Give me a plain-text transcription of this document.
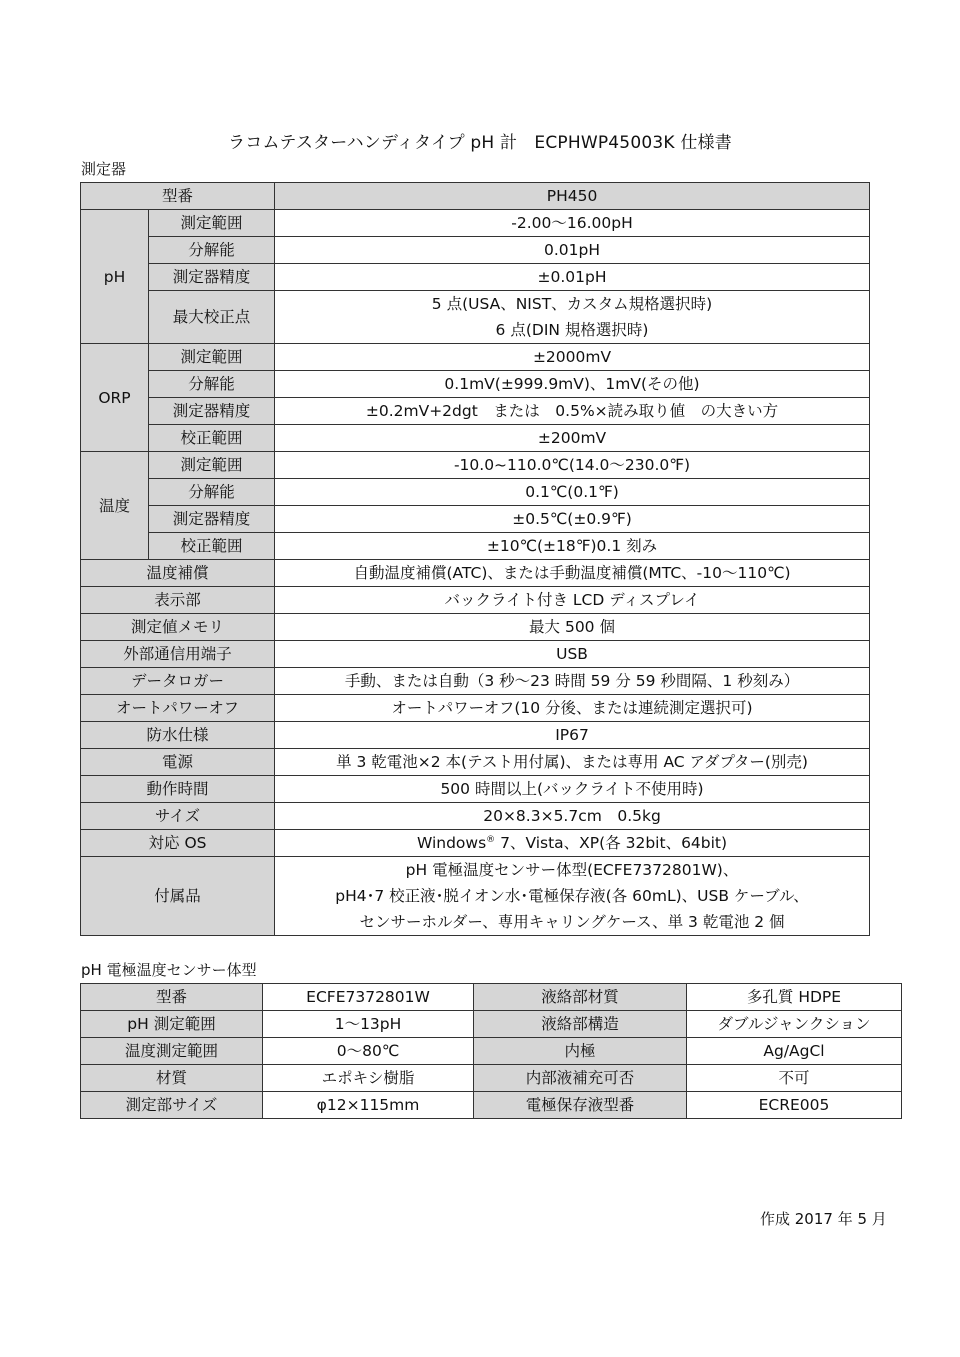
ラコムテスターハンディタイプ pH 計　ECPHWP45003K 仕様書
測定器
型番		PH450
pH	測定範囲	-2.00～16.00pH
	分解能	0.01pH
	測定器精度	±0.01pH
	最大校正点	5 点(USA、NIST、カスタム規格選択時)
6 点(DIN 規格選択時)

ORP	測定範囲	±2000mV
	分解能	0.1mV(±999.9mV)、1mV(その他)
	測定器精度	±0.2mV+2dgt　または　0.5%×読み取り値　の大きい方
	校正範囲	±200mV
温度	測定範囲	-10.0~110.0℃(14.0～230.0℉)
	分解能	0.1℃(0.1℉)
	測定器精度	±0.5℃(±0.9℉)
	校正範囲	±10℃(±18℉)0.1 刻み
温度補償		自動温度補償(ATC)、または手動温度補償(MTC、-10～110℃)
表示部		バックライト付き LCD ディスプレイ
測定値メモリ		最大 500 個
外部通信用端子		USB
データロガー		手動、または自動（3 秒～23 時間 59 分 59 秒間隔、1 秒刻み）
オートパワーオフ		オートパワーオフ(10 分後、または連続測定選択可)
防水仕様		IP67
電源		単 3 乾電池×2 本(テスト用付属)、または専用 AC アダプター(別売)
動作時間		500 時間以上(バックライト不使用時)
サイズ		20×8.3×5.7cm　0.5kg
対応 OS		Windows® 7、Vista、XP(各 32bit、64bit)
付属品		pH 電極温度センサー体型(ECFE7372801W)、
pH4･7 校正液･脱イオン水･電極保存液(各 60mL)、USB ケーブル、
センサーホルダー、専用キャリングケース、単 3 乾電池 2 個
pH 電極温度センサー体型
型番	ECFE7372801W	液絡部材質	多孔質 HDPE
pH 測定範囲	1～13pH	液絡部構造	ダブルジャンクション
温度測定範囲	0～80℃	内極	Ag/AgCl
材質	エポキシ樹脂	内部液補充可否	不可
測定部サイズ	φ12×115mm	電極保存液型番	ECRE005
作成 2017 年 5 月
